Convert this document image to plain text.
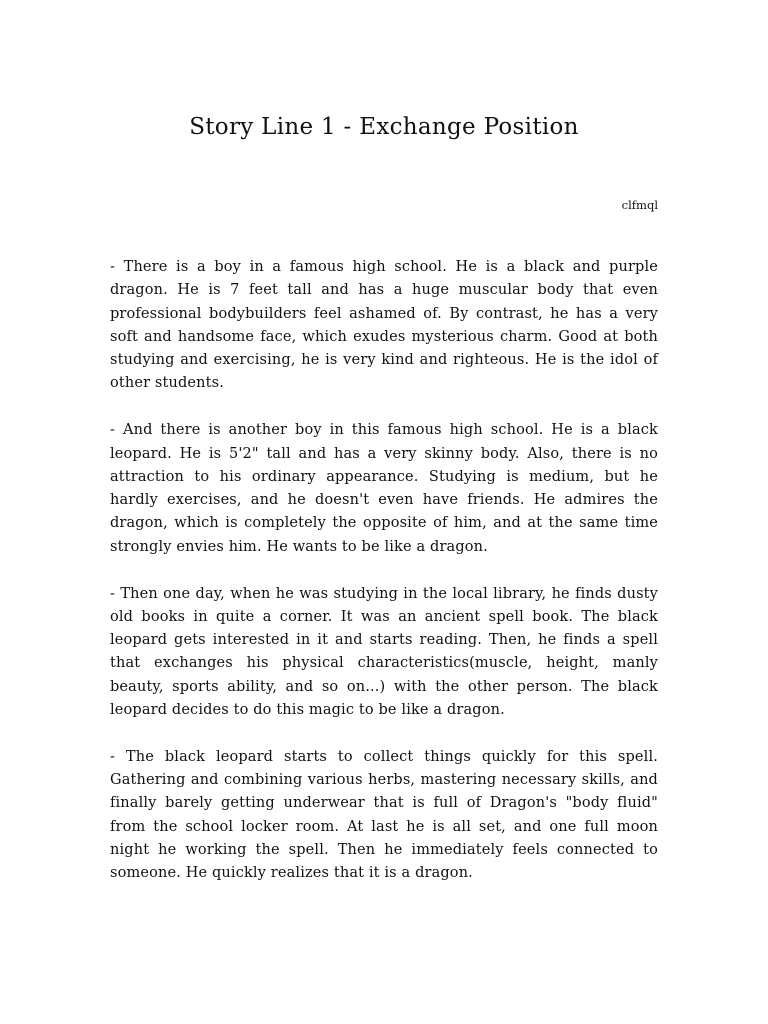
Story Line 1 - Exchange Position

clfmql

- There is a boy in a famous high school. He is a black and purple dragon. He is 7 feet tall and has a huge muscular body that even professional bodybuilders feel ashamed of. By contrast, he has a very soft and handsome face, which exudes mysterious charm. Good at both studying and exercising, he is very kind and righteous. He is the idol of other students.

- And there is another boy in this famous high school. He is a black leopard. He is 5'2" tall and has a very skinny body. Also, there is no attraction to his ordinary appearance. Studying is medium, but he hardly exercises, and he doesn't even have friends. He admires the dragon, which is completely the opposite of him, and at the same time strongly envies him. He wants to be like a dragon.

- Then one day, when he was studying in the local library, he finds dusty old books in quite a corner. It was an ancient spell book. The black leopard gets interested in it and starts reading. Then, he finds a spell that exchanges his physical characteristics(muscle, height, manly beauty, sports ability, and so on...) with the other person. The black leopard decides to do this magic to be like a dragon.

- The black leopard starts to collect things quickly for this spell. Gathering and combining various herbs, mastering necessary skills, and finally barely getting underwear that is full of Dragon's "body fluid" from the school locker room. At last he is all set, and one full moon night he working the spell. Then he immediately feels connected to someone. He quickly realizes that it is a dragon.
